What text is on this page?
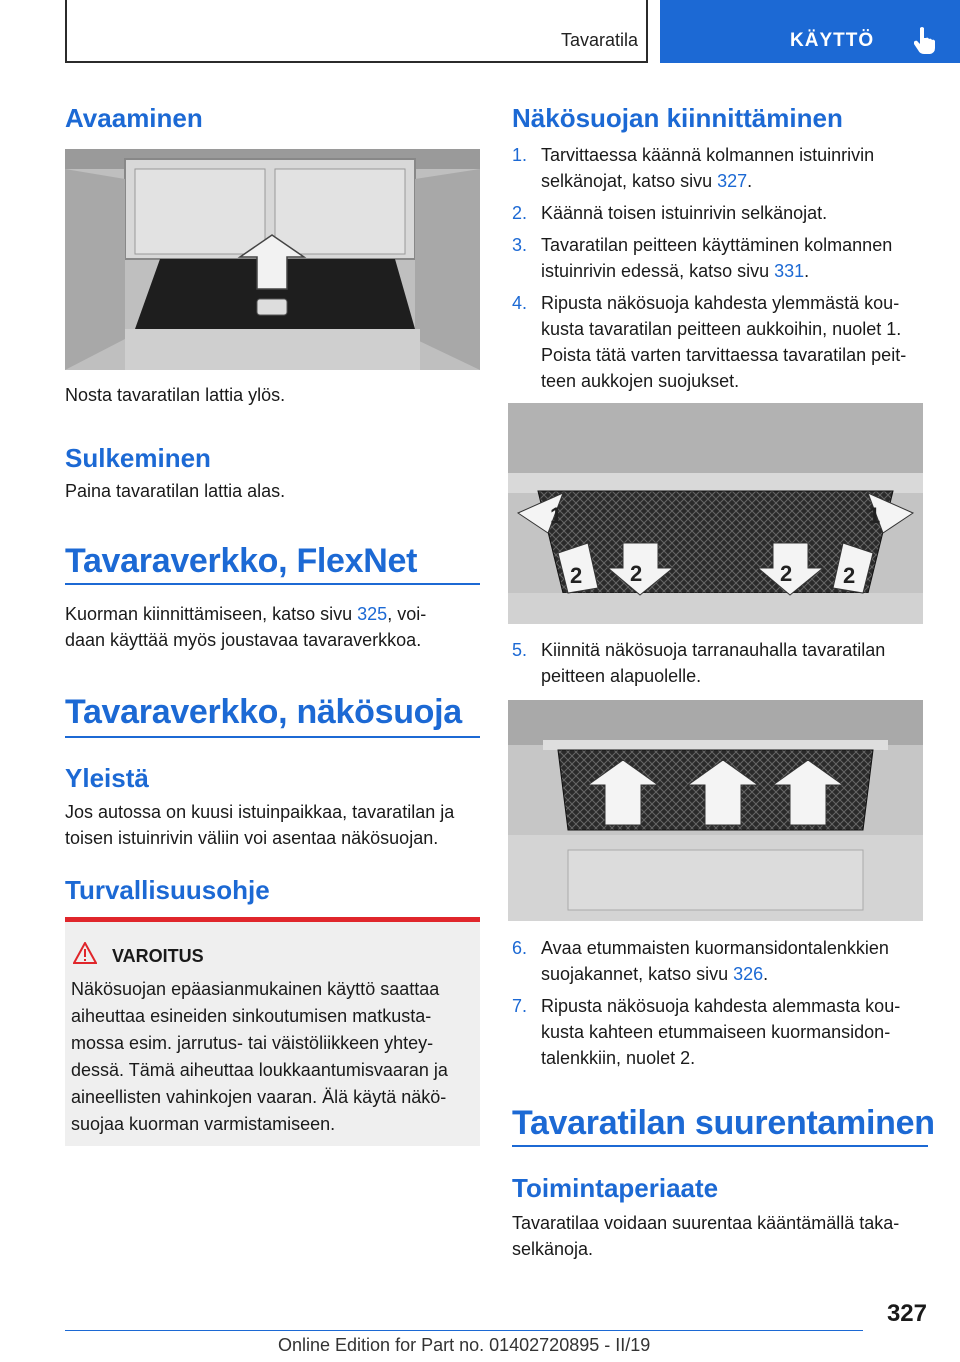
Tavaratila	KÄYTTÖ
Avaaminen

Nosta tavaratilan lattia ylös.

Sulkeminen

Paina tavaratilan lattia alas.

Tavaraverkko, FlexNet

Kuorman kiinnittämiseen, katso sivu 325, voi-

daan käyttää myös joustavaa tavaraverkkoa.

Tavaraverkko, näkösuoja
Yleistä

Jos autossa on kuusi istuinpaikkaa, tavaratilan ja

toisen istuinrivin väliin voi asentaa näkösuojan.

Turvallisuusohje
VAROITUS
Näkösuojan epäasianmukainen käyttö saattaa
aiheuttaa esineiden sinkoutumisen matkusta-
mossa esim. jarrutus- tai väistöliikkeen yhtey-
dessä. Tämä aiheuttaa loukkaantumisvaaran ja
aineellisten vahinkojen vaaran. Älä käytä näkö-
suojaa kuorman varmistamiseen.
Näkösuojan kiinnittäminen
1. Tarvittaessa käännä kolmannen istuinrivin
selkänojat, katso sivu 327.
2. Käännä toisen istuinrivin selkänojat.
3. Tavaratilan peitteen käyttäminen kolmannen
istuinrivin edessä, katso sivu 331.
4. Ripusta näkösuoja kahdesta ylemmästä kou-
kusta tavaratilan peitteen aukkoihin, nuolet 1.
Poista tätä varten tarvittaessa tavaratilan peit-
teen aukkojen suojukset.
1	1
2 2	2 2
5. Kiinnitä näkösuoja tarranauhalla tavaratilan
peitteen alapuolelle.
6. Avaa etummaisten kuormansidontalenkkien
suojakannet, katso sivu 326.
7. Ripusta näkösuoja kahdesta alemmasta kou-
kusta kahteen etummaiseen kuormansidon-
talenkkiin, nuolet 2.
Tavaratilan suurentaminen
Toimintaperiaate

Tavaratilaa voidaan suurentaa kääntämällä taka-

selkänoja.

327
Online Edition for Part no. 01402720895 - II/19
